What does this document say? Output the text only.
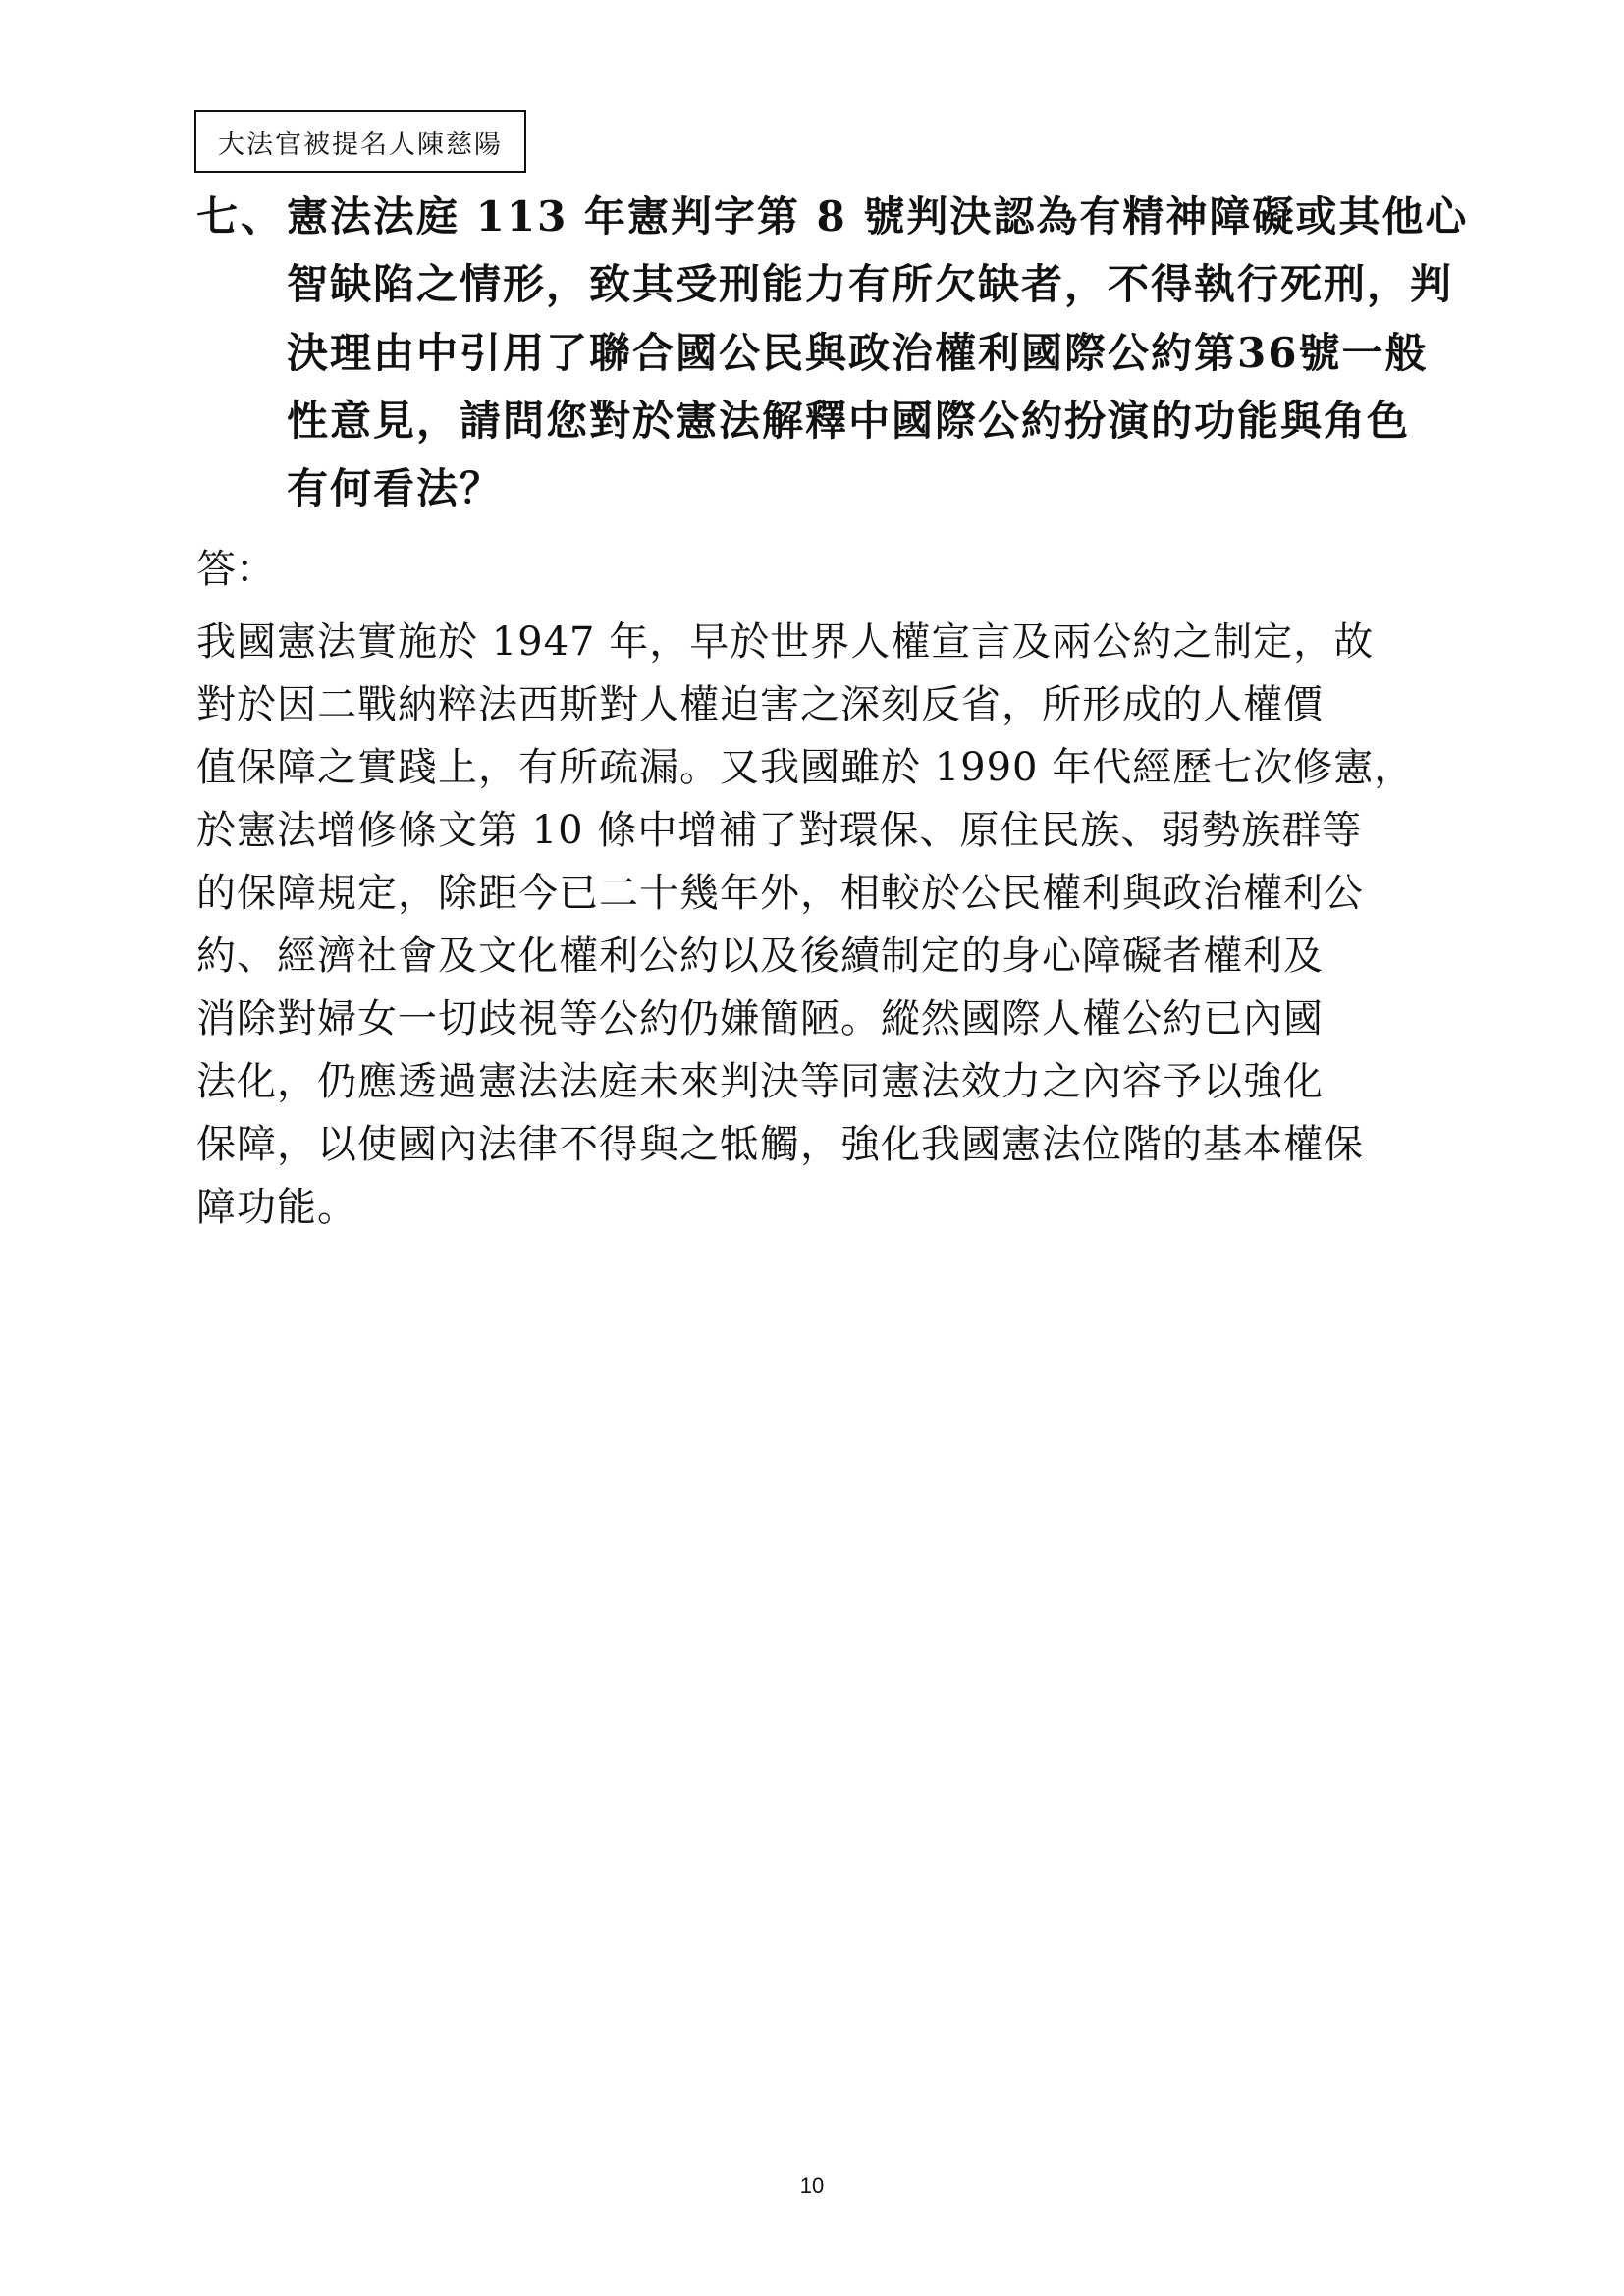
大法官被提名人陳慈陽
七、 憲法法庭 113 年憲判字第 8 號判決認為有精神障礙或其他心
智缺陷之情形，致其受刑能力有所欠缺者，不得執行死刑，判
決理由中引用了聯合國公民與政治權利國際公約第36號一般
性意見，請問您對於憲法解釋中國際公約扮演的功能與角色
有何看法？
答：
我國憲法實施於 1947 年，早於世界人權宣言及兩公約之制定，故
對於因二戰納粹法西斯對人權迫害之深刻反省，所形成的人權價
值保障之實踐上，有所疏漏。又我國雖於 1990 年代經歷七次修憲，
於憲法增修條文第 10 條中增補了對環保、原住民族、弱勢族群等
的保障規定，除距今已二十幾年外，相較於公民權利與政治權利公
約、經濟社會及文化權利公約以及後續制定的身心障礙者權利及
消除對婦女一切歧視等公約仍嫌簡陋。縱然國際人權公約已內國
法化，仍應透過憲法法庭未來判決等同憲法效力之內容予以強化
保障，以使國內法律不得與之牴觸，強化我國憲法位階的基本權保
障功能。
10
